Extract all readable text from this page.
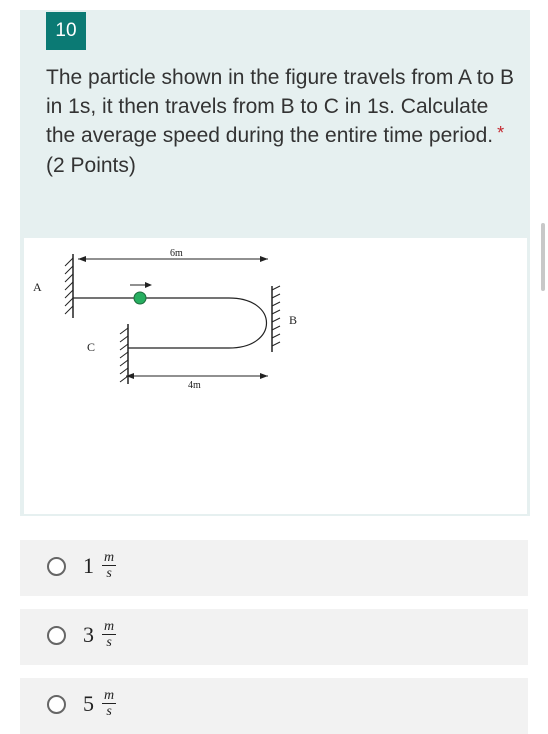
10
The particle shown in the figure travels from A to B in 1s, it then travels from B to C in 1s. Calculate the average speed during the entire time period. *
(2 Points)
6m
4m
A
B
C
$1 \frac{m}{s}$
$3 \frac{m}{s}$
$5 \frac{m}{s}$
